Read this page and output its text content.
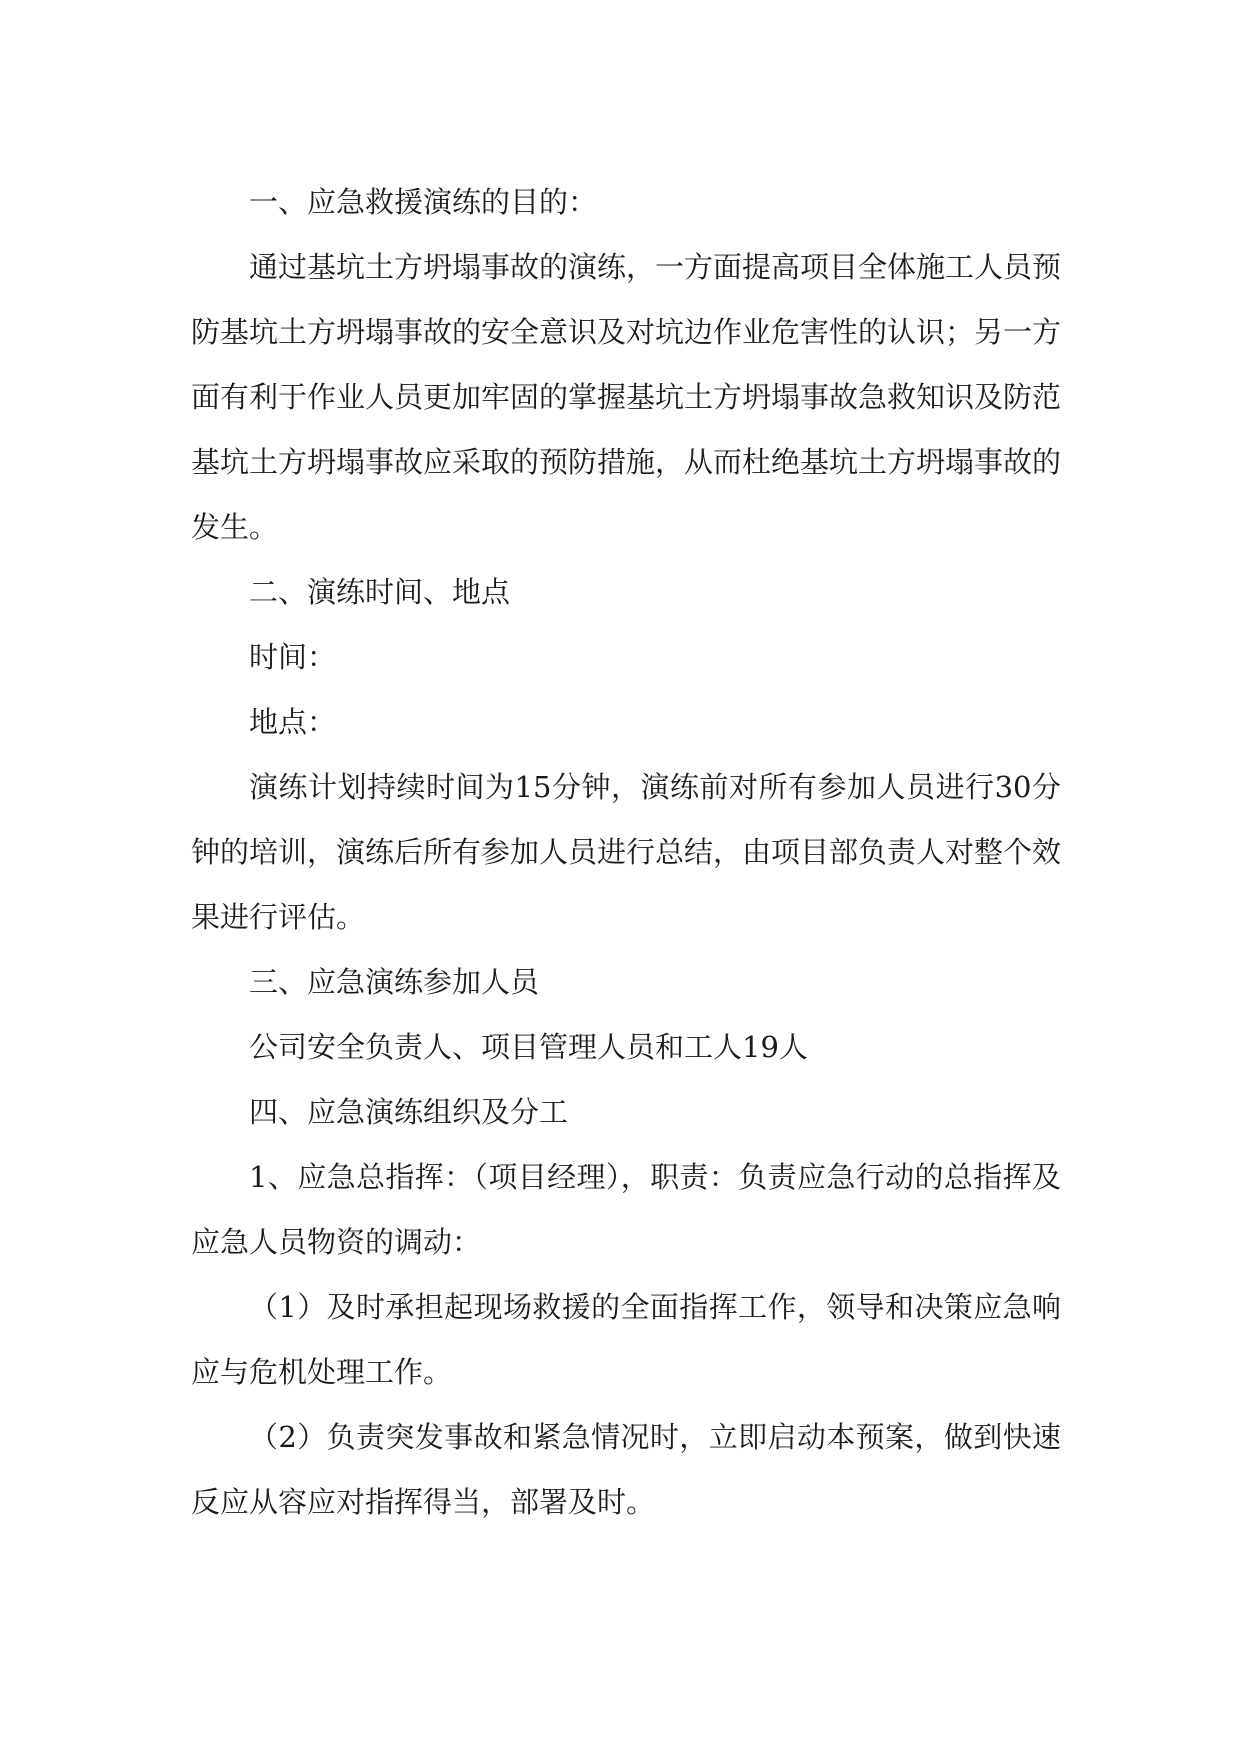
一、应急救援演练的目的：

通过基坑土方坍塌事故的演练，一方面提高项目全体施工人员预防基坑土方坍塌事故的安全意识及对坑边作业危害性的认识；另一方面有利于作业人员更加牢固的掌握基坑土方坍塌事故急救知识及防范基坑土方坍塌事故应采取的预防措施，从而杜绝基坑土方坍塌事故的发生。

二、演练时间、地点

时间：

地点：

演练计划持续时间为15分钟，演练前对所有参加人员进行30分钟的培训，演练后所有参加人员进行总结，由项目部负责人对整个效果进行评估。

三、应急演练参加人员

公司安全负责人、项目管理人员和工人19人

四、应急演练组织及分工

1、应急总指挥：（项目经理），职责：负责应急行动的总指挥及应急人员物资的调动：

（1）及时承担起现场救援的全面指挥工作，领导和决策应急响应与危机处理工作。

（2）负责突发事故和紧急情况时，立即启动本预案，做到快速反应从容应对指挥得当，部署及时。
